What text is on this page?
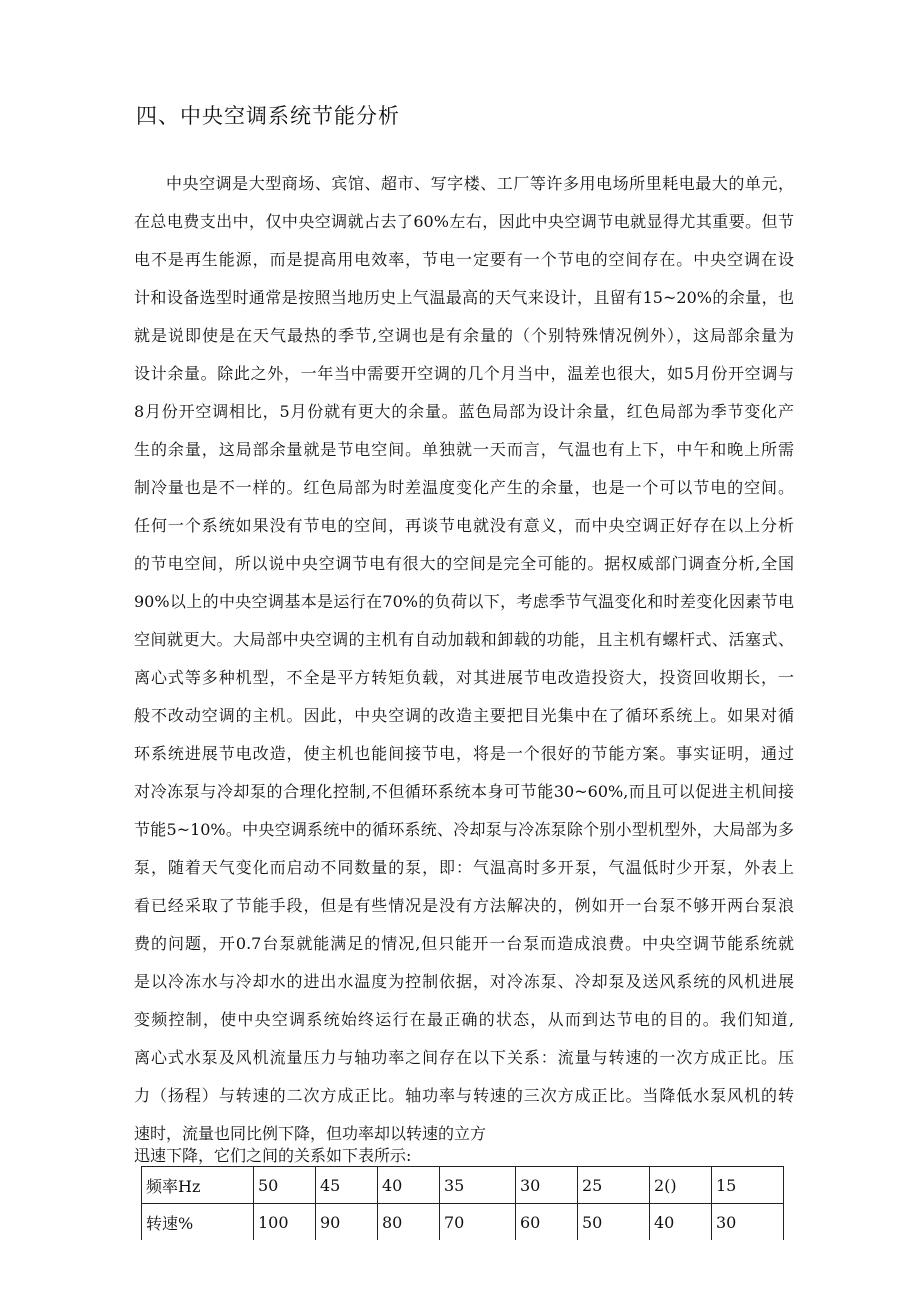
四、中央空调系统节能分析
中央空调是大型商场、宾馆、超市、写字楼、工厂等许多用电场所里耗电最大的单元，
在总电费支出中，仅中央空调就占去了60%左右，因此中央空调节电就显得尤其重要。但节
电不是再生能源，而是提高用电效率，节电一定要有一个节电的空间存在。中央空调在设
计和设备选型时通常是按照当地历史上气温最高的天气来设计，且留有15~20%的余量，也
就是说即使是在天气最热的季节,空调也是有余量的（个别特殊情况例外），这局部余量为
设计余量。除此之外，一年当中需要开空调的几个月当中，温差也很大，如5月份开空调与
8月份开空调相比，5月份就有更大的余量。蓝色局部为设计余量，红色局部为季节变化产
生的余量，这局部余量就是节电空间。单独就一天而言，气温也有上下，中午和晚上所需
制冷量也是不一样的。红色局部为时差温度变化产生的余量，也是一个可以节电的空间。
任何一个系统如果没有节电的空间，再谈节电就没有意义，而中央空调正好存在以上分析
的节电空间，所以说中央空调节电有很大的空间是完全可能的。据权威部门调查分析,全国
90%以上的中央空调基本是运行在70%的负荷以下，考虑季节气温变化和时差变化因素节电
空间就更大。大局部中央空调的主机有自动加载和卸载的功能，且主机有螺杆式、活塞式、
离心式等多种机型，不全是平方转矩负载，对其进展节电改造投资大，投资回收期长，一
般不改动空调的主机。因此，中央空调的改造主要把目光集中在了循环系统上。如果对循
环系统进展节电改造，使主机也能间接节电，将是一个很好的节能方案。事实证明，通过
对冷冻泵与冷却泵的合理化控制,不但循环系统本身可节能30~60%,而且可以促进主机间接
节能5~10%。中央空调系统中的循环系统、冷却泵与冷冻泵除个别小型机型外，大局部为多
泵，随着天气变化而启动不同数量的泵，即：气温高时多开泵，气温低时少开泵，外表上
看已经采取了节能手段，但是有些情况是没有方法解决的，例如开一台泵不够开两台泵浪
费的问题，开0.7台泵就能满足的情况,但只能开一台泵而造成浪费。中央空调节能系统就
是以冷冻水与冷却水的进出水温度为控制依据，对冷冻泵、冷却泵及送风系统的风机进展
变频控制，使中央空调系统始终运行在最正确的状态，从而到达节电的目的。我们知道,
离心式水泵及风机流量压力与轴功率之间存在以下关系：流量与转速的一次方成正比。压
力（扬程）与转速的二次方成正比。轴功率与转速的三次方成正比。当降低水泵风机的转
速时，流量也同比例下降，但功率却以转速的立方
迅速下降，它们之间的关系如下表所示:
频率Hz	50	45	40	35	30	25	2()	15
转速%	100	90	80	70	60	50	40	30
